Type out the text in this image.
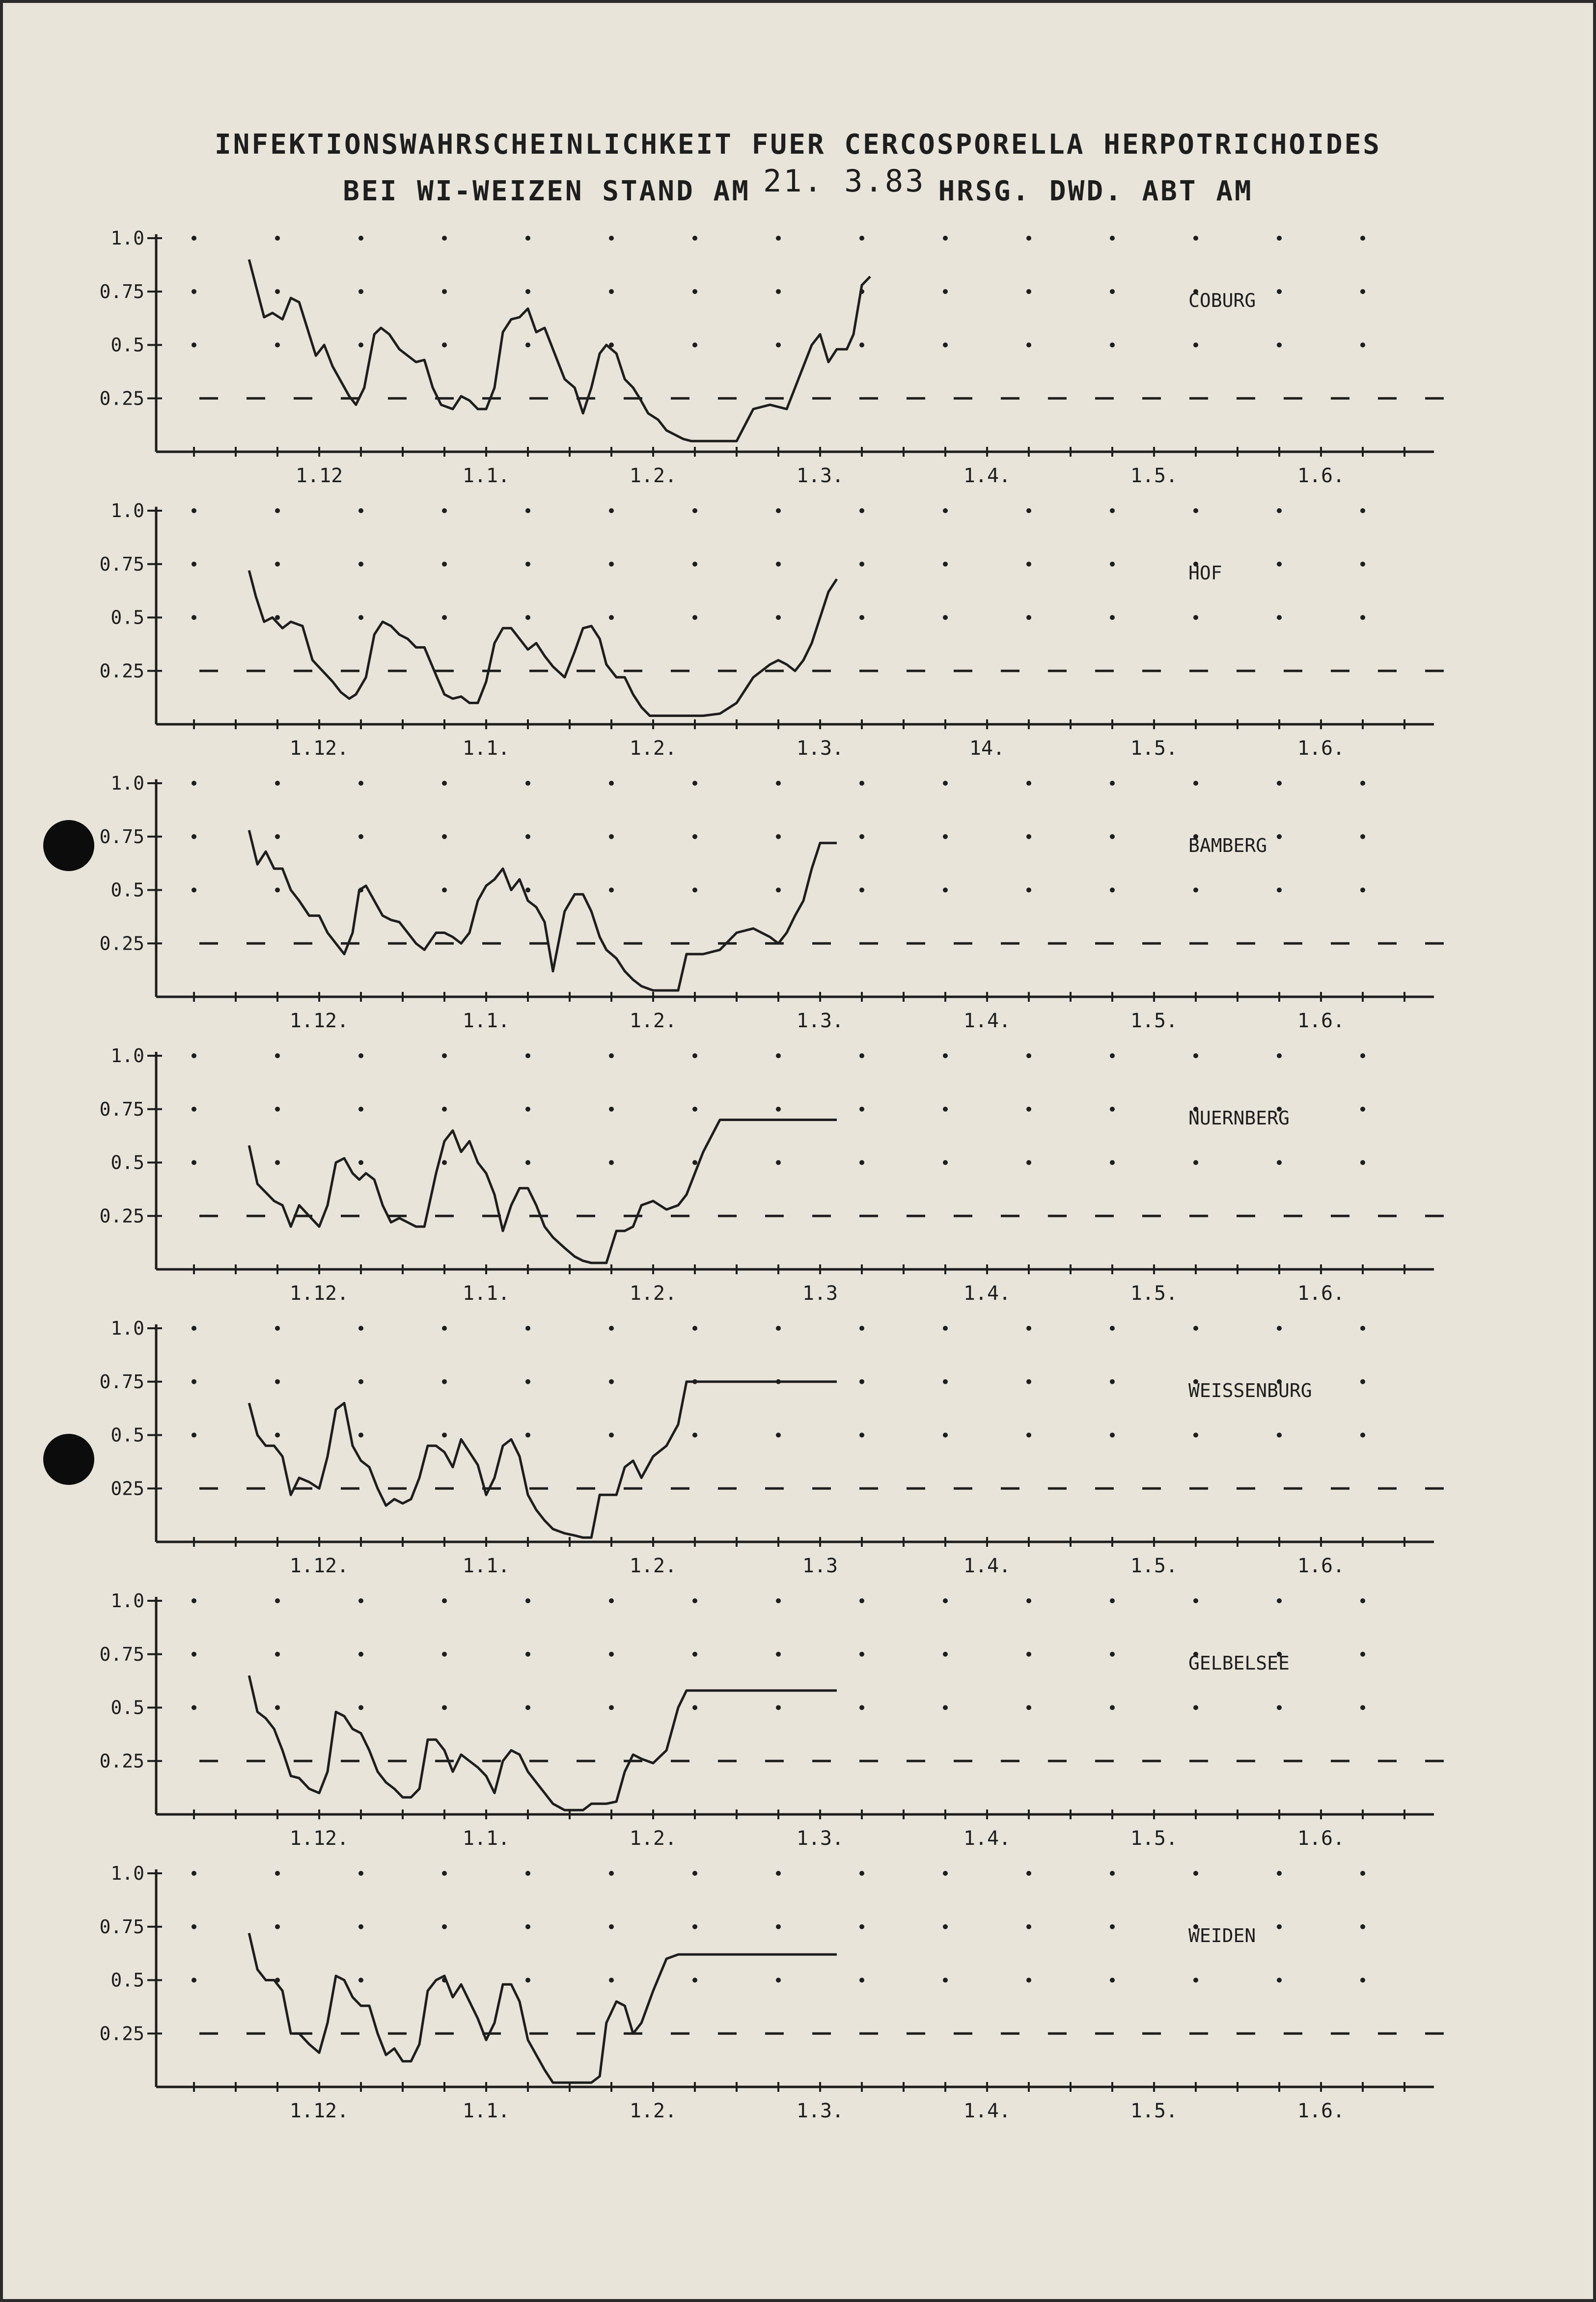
INFEKTIONSWAHRSCHEINLICHKEIT FUER CERCOSPORELLA HERPOTRICHOIDES
BEI WI-WEIZEN STAND AM 21. 3.83 HRSG. DWD. ABT AM
1.0
0.75
0.5
0.25
1.12	1.1.	1.2.	1.3.	1.4.	1.5.	1.6.
COBURG
1.0
0.75
0.5
0.25
1.12.	1.1.	1.2.	1.3.	14.	1.5.	1.6.
HOF
1.0
0.75
0.5
0.25
1.12.	1.1.	1.2.	1.3.	1.4.	1.5.	1.6.
BAMBERG
1.0
0.75
0.5
0.25
1.12.	1.1.	1.2.	1.3	1.4.	1.5.	1.6.
NUERNBERG
1.0
0.75
0.5
025
1.12.	1.1.	1.2.	1.3	1.4.	1.5.	1.6.
WEISSENBURG
1.0
0.75
0.5
0.25
1.12.	1.1.	1.2.	1.3.	1.4.	1.5.	1.6.
GELBELSEE
1.0
0.75
0.5
0.25
1.12.	1.1.	1.2.	1.3.	1.4.	1.5.	1.6.
WEIDEN
